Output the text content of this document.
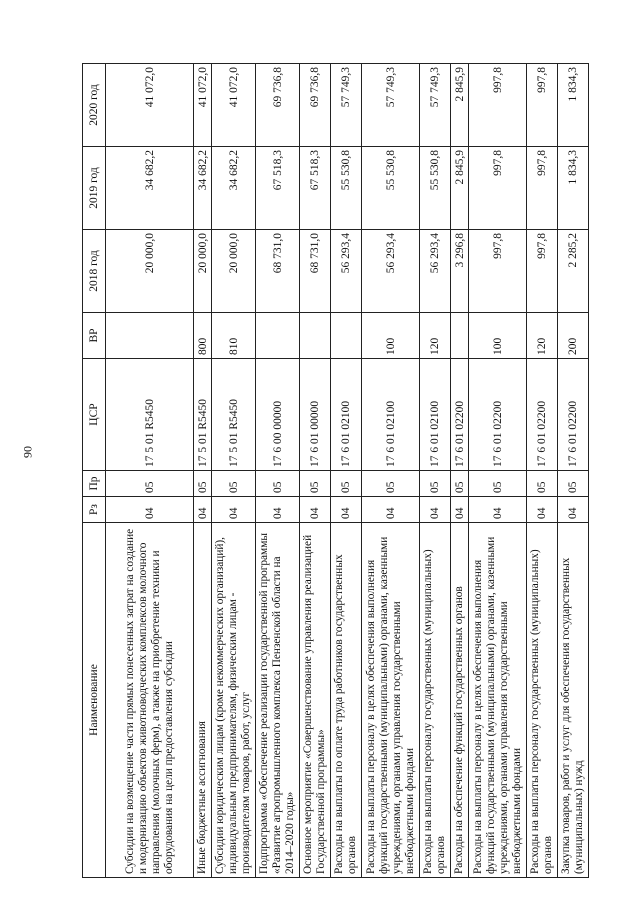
90
Наименование	Рз	Пр	ЦСР	ВР	2018 год	2019 год	2020 год
Субсидии на возмещение части прямых понесенных затрат на создание и модернизацию объектов животноводческих комплексов молочного направления (молочных ферм), а также на приобретение техники и оборудования на цели предоставления субсидии	04	05	17 5 01 R5450		20 000,0	34 682,2	41 072,0
Иные бюджетные ассигнования	04	05	17 5 01 R5450	800	20 000,0	34 682,2	41 072,0
Субсидии юридическим лицам (кроме некоммерческих организаций), индивидуальным предпринимателям, физическим лицам - производителям товаров, работ, услуг	04	05	17 5 01 R5450	810	20 000,0	34 682,2	41 072,0
Подпрограмма «Обеспечение реализации государственной программы «Развитие агропромышленного комплекса Пензенской области на 2014–2020 годы»	04	05	17 6 00 00000		68 731,0	67 518,3	69 736,8
Основное мероприятие «Совершенствование управления реализацией Государственной программы»	04	05	17 6 01 00000		68 731,0	67 518,3	69 736,8
Расходы на выплаты по оплате труда работников государственных органов	04	05	17 6 01 02100		56 293,4	55 530,8	57 749,3
Расходы на выплаты персоналу в целях обеспечения выполнения функций государственными (муниципальными) органами, казенными учреждениями, органами управления государственными внебюджетными фондами	04	05	17 6 01 02100	100	56 293,4	55 530,8	57 749,3
Расходы на выплаты персоналу государственных (муниципальных) органов	04	05	17 6 01 02100	120	56 293,4	55 530,8	57 749,3
Расходы на обеспечение функций государственных органов	04	05	17 6 01 02200		3 296,8	2 845,9	2 845,9
Расходы на выплаты персоналу в целях обеспечения выполнения функций государственными (муниципальными) органами, казенными учреждениями, органами управления государственными внебюджетными фондами	04	05	17 6 01 02200	100	997,8	997,8	997,8
Расходы на выплаты персоналу государственных (муниципальных) органов	04	05	17 6 01 02200	120	997,8	997,8	997,8
Закупка товаров, работ и услуг для обеспечения государственных (муниципальных) нужд	04	05	17 6 01 02200	200	2 285,2	1 834,3	1 834,3
